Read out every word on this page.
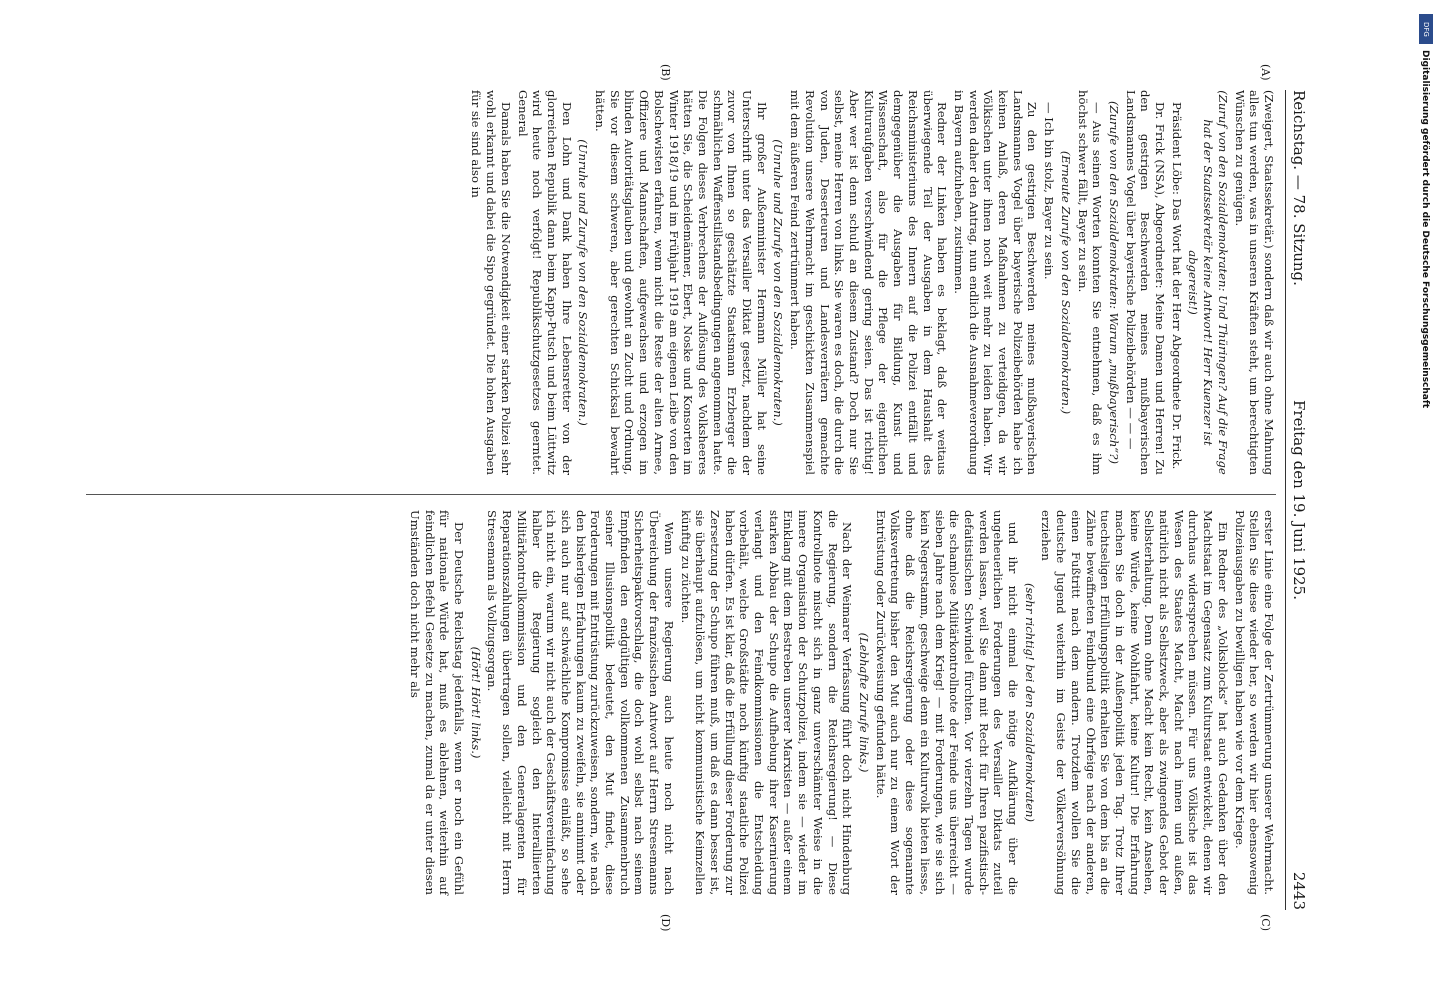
Reichstag. — 78. Sitzung.
Freitag den 19. Juni 1925.
2443

(Zweigert, Staatssekretär.) sondern daß wir auch ohne Mahnung alles tun werden, was in unseren Kräften steht, um berechtigten Wünschen zu genügen.

(Zuruf von den Sozialdemokraten: Und Thüringen? Auf die Frage hat der Staatssekretär keine Antwort! Herr Kuenzer ist abgereist!)

Präsident Löbe: Das Wort hat der Herr Abgeordnete Dr. Frick.

Dr. Frick (NSA), Abgeordneter: Meine Damen und Herren! Zu den gestrigen Beschwerden meines mußbayerischen Landsmannes Vogel über bayerische Polizeibehörden — — —

(Zurufe von den Sozialdemokraten: Warum „mußbayerisch“?)

— Aus seinen Worten konnten Sie entnehmen, daß es ihm höchst schwer fällt, Bayer zu sein.

(Erneute Zurufe von den Sozialdemokraten.)

— Ich bin stolz, Bayer zu sein.

Zu den gestrigen Beschwerden meines mußbayerischen Landsmannes Vogel über bayerische Polizeibehörden habe ich keinen Anlaß, deren Maßnahmen zu verteidigen, da wir Völkischen unter ihnen noch weit mehr zu leiden haben. Wir werden daher den Antrag, nun endlich die Ausnahmeverordnung in Bayern aufzuheben, zustimmen.

Redner der Linken haben es beklagt, daß der weitaus überwiegende Teil der Ausgaben in dem Haushalt des Reichsministeriums des Innern auf die Polizei entfällt und demgegenüber die Ausgaben für Bildung, Kunst und Wissenschaft, also für die Pflege der eigentlichen Kulturaufgaben verschwindend gering seien. Das ist richtig! Aber wer ist denn schuld an diesem Zustand? Doch nur Sie selbst, meine Herren von links. Sie waren es doch, die durch die von Juden, Deserteuren und Landesverrätern gemachte Revolution unsere Wehrmacht im geschickten Zusammenspiel mit dem äußeren Feind zertrümmert haben.

(Unruhe und Zurufe von den Sozialdemokraten.)

Ihr großer Außenminister Hermann Müller hat seine Unterschrift unter das Versailler Diktat gesetzt, nachdem der zuvor von Ihnen so geschätzte Staatsmann Erzberger die schmählichen Waffenstillstandsbedingungen angenommen hatte. Die Folgen dieses Verbrechens der Auflösung des Volksheeres hätten Sie, die Scheidemänner, Ebert, Noske und Konsorten im Winter 1918/19 und im Frühjahr 1919 am eigenen Leibe von den Bolschewisten erfahren, wenn nicht die Reste der alten Armee, Offiziere und Mannschaften, aufgewachsen und erzogen im blinden Autoritätsglauben und gewohnt an Zucht und Ordnung, Sie vor diesem schweren, aber gerechten Schicksal bewahrt hätten.

(Unruhe und Zurufe von den Sozialdemokraten.)

Den Lohn und Dank haben Ihre Lebensretter von der glorreichen Republik dann beim Kapp-Putsch und beim Lüttwitz wird heute noch verfolgt! Republikschutzgesetzes geerntet. General

Damals haben Sie die Notwendigkeit einer starken Polizei sehr wohl erkannt und dabei die Sipo gegründet. Die hohen Ausgaben für sie sind also in

erster Linie eine Folge der Zertrümmerung unserer Wehrmacht. Stellen Sie diese wieder her, so werden wir hier ebensowenig Polizeiausgaben zu bewilligen haben wie vor dem Kriege.

Ein Redner des „Volksblocks“ hat auch Gedanken über den Machtstaat im Gegensatz zum Kulturstaat entwickelt, denen wir durchaus widersprechen müssen. Für uns Völkische ist das Wesen des Staates Macht, Macht nach innen und außen, natürlich nicht als Selbstzweck, aber als zwingendes Gebot der Selbsterhaltung. Denn ohne Macht kein Recht, kein Ansehen, keine Würde, keine Wohlfahrt, keine Kultur! Die Erfahrung machen Sie doch in der Außenpolitik jeden Tag. Trotz Ihrer tuechtseligen Erfüllungspolitik erhalten Sie von dem bis an die Zähne bewaffneten Feindbund eine Ohrfeige nach der anderen, einen Fußtritt nach dem andern. Trotzdem wollen Sie die deutsche Jugend weiterhin im Geiste der Völkerversöhnung erziehen

(sehr richtig! bei den Sozialdemokraten)

und ihr nicht einmal die nötige Aufklärung über die ungeheuerlichen Forderungen des Versailler Diktats zuteil werden lassen, weil Sie dann mit Recht für Ihren pazifistisch-defaitistischen Schwindel fürchten. Vor vierzehn Tagen wurde die schamlose Militärkontrollnote der Feinde uns überreicht — sieben Jahre nach dem Krieg! — mit Forderungen, wie sie sich kein Negerstamm, geschweige denn ein Kulturvolk bieten liesse, ohne daß die Reichsregierung oder diese sogenannte Volksvertretung bisher den Mut auch nur zu einem Wort der Entrüstung oder Zurückweisung gefunden hätte.

(Lebhafte Zurufe links.)

Nach der Weimarer Verfassung führt doch nicht Hindenburg die Regierung, sondern die Reichsregierung! — Diese Kontrollnote mischt sich in ganz unverschämter Weise in die innere Organisation der Schutzpolizei, indem sie — wieder im Einklang mit dem Bestreben unserer Marxisten — außer einem starken Abbau der Schupo die Aufhebung ihrer Kasernierung verlangt und den Feindkommissionen die Entscheidung vorbehält, welche Großstädte noch künftig staatliche Polizei haben dürfen. Es ist klar, daß die Erfüllung dieser Forderung zur Zersetzung der Schupo führen muß, um daß es dann besser ist, sie überhaupt aufzulösen, um nicht kommunistische Keimzellen künftig zu züchten.

Wenn unsere Regierung auch heute noch nicht nach Übereichung der französischen Antwort auf Herrn Stresemanns Sicherheitspaktvorschlag, die doch wohl selbst nach seinem Empfinden den endgültigen vollkommenen Zusammenbruch seiner Illusionspolitik bedeutet, den Mut findet, diese Forderungen mit Entrüstung zurückzuweisen, sondern, wie nach den bisherigen Erfahrungen kaum zu zweifeln, sie annimmt oder sich auch nur auf schwächliche Kompromisse einläßt, so sehe ich nicht ein, warum wir nicht auch der Geschäftsvereinfachung halber die Regierung sogleich den Interalliierten Militärkontrollkommission und den Generalagenten für Reparationszahlungen übertragen sollen, vielleicht mit Herrn Stresemann als Vollzugsorgan.

(Hört! Hört! links.)

Der Deutsche Reichstag jedenfalls, wenn er noch ein Gefühl für nationale Würde hat, muß es ablehnen, weiterhin auf feindlichen Befehl Gesetze zu machen, zumal da er unter diesen Umständen doch nicht mehr als

(A)
(B)
(C)
(D)
DFG
Digitalisierung gefördert durch die Deutsche Forschungsgemeinschaft
